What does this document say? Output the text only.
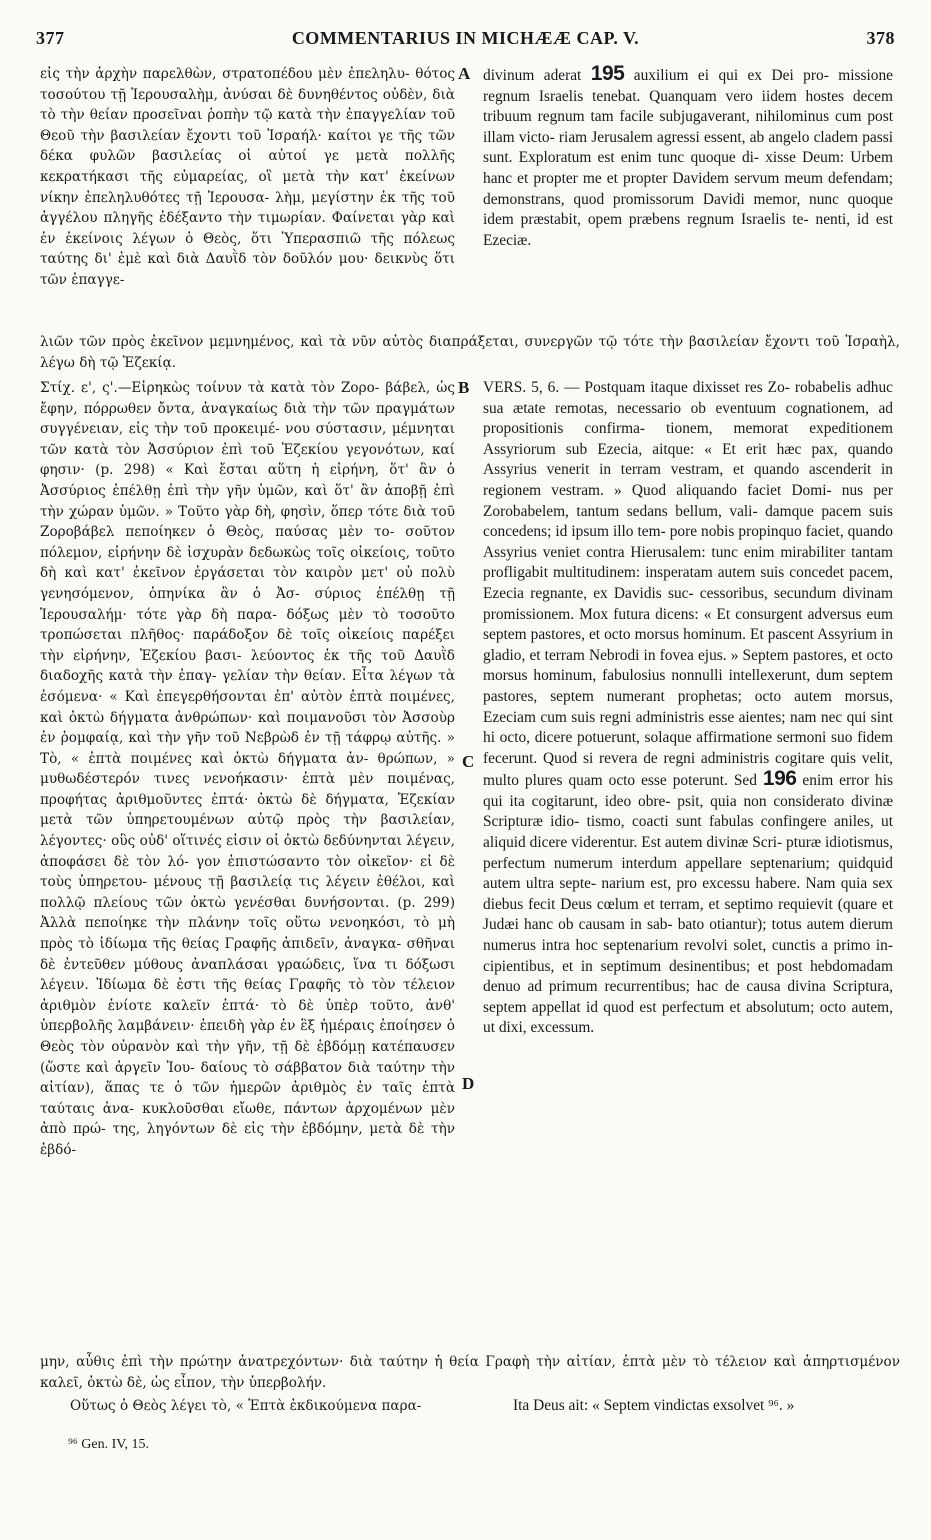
377	COMMENTARIUS IN MICHÆÆ CAP. V.	378

εἰς τὴν ἀρχὴν παρελθὼν, στρατοπέδου μὲν ἐπεληλυ- θότος τοσούτου τῇ Ἱερουσαλὴμ, ἀνύσαι δὲ δυνηθέντος οὐδὲν, διὰ τὸ τὴν θείαν προσεῖναι ῥοπὴν τῷ κατὰ τὴν ἐπαγγελίαν τοῦ Θεοῦ τὴν βασιλείαν ἔχοντι τοῦ Ἰσραήλ· καίτοι γε τῆς τῶν δέκα φυλῶν βασιλείας οἱ αὐτοί γε μετὰ πολλῆς κεκρατήκασι τῆς εὐμαρείας, οἳ μετὰ τὴν κατ' ἐκείνων νίκην ἐπεληλυθότες τῇ Ἱερουσα- λὴμ, μεγίστην ἐκ τῆς τοῦ ἀγγέλου πληγῆς ἐδέξαντο τὴν τιμωρίαν. Φαίνεται γὰρ καὶ ἐν ἐκείνοις λέγων ὁ Θεὸς, ὅτι Ὑπερασπιῶ τῆς πόλεως ταύτης δι' ἐμὲ καὶ διὰ Δαυῒδ τὸν δοῦλόν μου· δεικνὺς ὅτι τῶν ἐπαγγε-

A divinum aderat 195 auxilium ei qui ex Dei pro- missione regnum Israelis tenebat. Quanquam vero iidem hostes decem tribuum regnum tam facile subjugaverant, nihilominus cum post illam victo- riam Jerusalem agressi essent, ab angelo cladem passi sunt. Exploratum est enim tunc quoque di- xisse Deum: Urbem hanc et propter me et propter Davidem servum meum defendam; demonstrans, quod promissorum Davidi memor, nunc quoque idem præstabit, opem præbens regnum Israelis te- nenti, id est Ezeciæ.

λιῶν τῶν πρὸς ἐκεῖνον μεμνημένος, καὶ τὰ νῦν αὐτὸς διαπράξεται, συνεργῶν τῷ τότε τὴν βασιλείαν ἔχοντι τοῦ Ἰσραὴλ, λέγω δὴ τῷ Ἐζεκίᾳ.

Στίχ. ε', ς'.—Εἰρηκὼς τοίνυν τὰ κατὰ τὸν Ζορο- βάβελ, ὡς ἔφην, πόρρωθεν ὄντα, ἀναγκαίως διὰ τὴν τῶν πραγμάτων συγγένειαν, εἰς τὴν τοῦ προκειμέ- νου σύστασιν, μέμνηται τῶν κατὰ τὸν Ἀσσύριον ἐπὶ τοῦ Ἐζεκίου γεγονότων, καί φησιν· (p. 298) « Καὶ ἔσται αὕτη ἡ εἰρήνη, ὅτ' ἂν ὁ Ἀσσύριος ἐπέλθῃ ἐπὶ τὴν γῆν ὑμῶν, καὶ ὅτ' ἂν ἀποβῇ ἐπὶ τὴν χώραν ὑμῶν. » Τοῦτο γὰρ δὴ, φησὶν, ὅπερ τότε διὰ τοῦ Ζοροβάβελ πεποίηκεν ὁ Θεὸς, παύσας μὲν το- σοῦτον πόλεμον, εἰρήνην δὲ ἰσχυρὰν δεδωκὼς τοῖς οἰκείοις, τοῦτο δὴ καὶ κατ' ἐκεῖνον ἐργάσεται τὸν καιρὸν μετ' οὐ πολὺ γενησόμενον, ὁπηνίκα ἂν ὁ Ἀσ- σύριος ἐπέλθῃ τῇ Ἱερουσαλήμ· τότε γὰρ δὴ παρα- δόξως μὲν τὸ τοσοῦτο τροπώσεται πλῆθος· παράδοξον δὲ τοῖς οἰκείοις παρέξει τὴν εἰρήνην, Ἐζεκίου βασι- λεύοντος ἐκ τῆς τοῦ Δαυῒδ διαδοχῆς κατὰ τὴν ἐπαγ- γελίαν τὴν θείαν. Εἶτα λέγων τὰ ἐσόμενα· « Καὶ ἐπεγερθήσονται ἐπ' αὐτὸν ἑπτὰ ποιμένες, καὶ ὀκτὼ δήγματα ἀνθρώπων· καὶ ποιμανοῦσι τὸν Ἀσσοὺρ ἐν ῥομφαίᾳ, καὶ τὴν γῆν τοῦ Νεβρὼδ ἐν τῇ τάφρῳ αὐτῆς. » Τὸ, « ἑπτὰ ποιμένες καὶ ὀκτὼ δήγματα ἀν- θρώπων, » μυθωδέστερόν τινες νενοήκασιν· ἑπτὰ μὲν ποιμένας, προφήτας ἀριθμοῦντες ἑπτά· ὀκτὼ δὲ δήγματα, Ἐζεκίαν μετὰ τῶν ὑπηρετουμένων αὐτῷ πρὸς τὴν βασιλείαν, λέγοντες· οὓς οὐδ' οἵτινές εἰσιν οἱ ὀκτὼ δεδύνηνται λέγειν, ἀποφάσει δὲ τὸν λό- γον ἐπιστώσαντο τὸν οἰκεῖον· εἰ δὲ τοὺς ὑπηρετου- μένους τῇ βασιλείᾳ τις λέγειν ἐθέλοι, καὶ πολλῷ πλείους τῶν ὀκτὼ γενέσθαι δυνήσονται. (p. 299) Ἀλλὰ πεποίηκε τὴν πλάνην τοῖς οὕτω νενοηκόσι, τὸ μὴ πρὸς τὸ ἰδίωμα τῆς θείας Γραφῆς ἀπιδεῖν, ἀναγκα- σθῆναι δὲ ἐντεῦθεν μύθους ἀναπλάσαι γραώδεις, ἵνα τι δόξωσι λέγειν. Ἰδίωμα δὲ ἐστι τῆς θείας Γραφῆς τὸ τὸν τέλειον ἀριθμὸν ἐνίοτε καλεῖν ἑπτά· τὸ δὲ ὑπὲρ τοῦτο, ἀνθ' ὑπερβολῆς λαμβάνειν· ἐπειδὴ γὰρ ἐν ἓξ ἡμέραις ἐποίησεν ὁ Θεὸς τὸν οὐρανὸν καὶ τὴν γῆν, τῇ δὲ ἑβδόμῃ κατέπαυσεν (ὥστε καὶ ἀργεῖν Ἰου- δαίους τὸ σάββατον διὰ ταύτην τὴν αἰτίαν), ἅπας τε ὁ τῶν ἡμερῶν ἀριθμὸς ἐν ταῖς ἑπτὰ ταύταις ἀνα- κυκλοῦσθαι εἴωθε, πάντων ἀρχομένων μὲν ἀπὸ πρώ- της, ληγόντων δὲ εἰς τὴν ἑβδόμην, μετὰ δὲ τὴν ἑβδό-

B
C
D

VERS. 5, 6. — Postquam itaque dixisset res Zo- robabelis adhuc sua ætate remotas, necessario ob eventuum cognationem, ad propositionis confirma- tionem, memorat expeditionem Assyriorum sub Ezecia, aitque: « Et erit hæc pax, quando Assyrius venerit in terram vestram, et quando ascenderit in regionem vestram. » Quod aliquando faciet Domi- nus per Zorobabelem, tantum sedans bellum, vali- damque pacem suis concedens; id ipsum illo tem- pore nobis propinquo faciet, quando Assyrius veniet contra Hierusalem: tunc enim mirabiliter tantam profligabit multitudinem: insperatam autem suis concedet pacem, Ezecia regnante, ex Davidis suc- cessoribus, secundum divinam promissionem. Mox futura dicens: « Et consurgent adversus eum septem pastores, et octo morsus hominum. Et pascent Assyrium in gladio, et terram Nebrodi in fovea ejus. » Septem pastores, et octo morsus hominum, fabulosius nonnulli intellexerunt, dum septem pastores, septem numerant prophetas; octo autem morsus, Ezeciam cum suis regni administris esse aientes; nam nec qui sint hi octo, dicere potuerunt, solaque affirmatione sermoni suo fidem fecerunt. Quod si revera de regni administris cogitare quis velit, multo plures quam octo esse poterunt. Sed 196 enim error his qui ita cogitarunt, ideo obre- psit, quia non considerato divinæ Scripturæ idio- tismo, coacti sunt fabulas confingere aniles, ut aliquid dicere viderentur. Est autem divinæ Scri- pturæ idiotismus, perfectum numerum interdum appellare septenarium; quidquid autem ultra septe- narium est, pro excessu habere. Nam quia sex diebus fecit Deus cœlum et terram, et septimo requievit (quare et Judæi hanc ob causam in sab- bato otiantur); totus autem dierum numerus intra hoc septenarium revolvi solet, cunctis a primo in- cipientibus, et in septimum desinentibus; et post hebdomadam denuo ad primum recurrentibus; hac de causa divina Scriptura, septem appellat id quod est perfectum et absolutum; octo autem, ut dixi, excessum.

μην, αὖθις ἐπὶ τὴν πρώτην ἀνατρεχόντων· διὰ ταύτην ἡ θεία Γραφὴ τὴν αἰτίαν, ἑπτὰ μὲν τὸ τέλειον καὶ ἀπηρτισμένον καλεῖ, ὀκτὼ δὲ, ὡς εἶπον, τὴν ὑπερβολήν.

Οὕτως ὁ Θεὸς λέγει τὸ, « Ἑπτὰ ἐκδικούμενα παρα-	Ita Deus ait: « Septem vindictas exsolvet ⁹⁶. »

⁹⁶ Gen. IV, 15.
